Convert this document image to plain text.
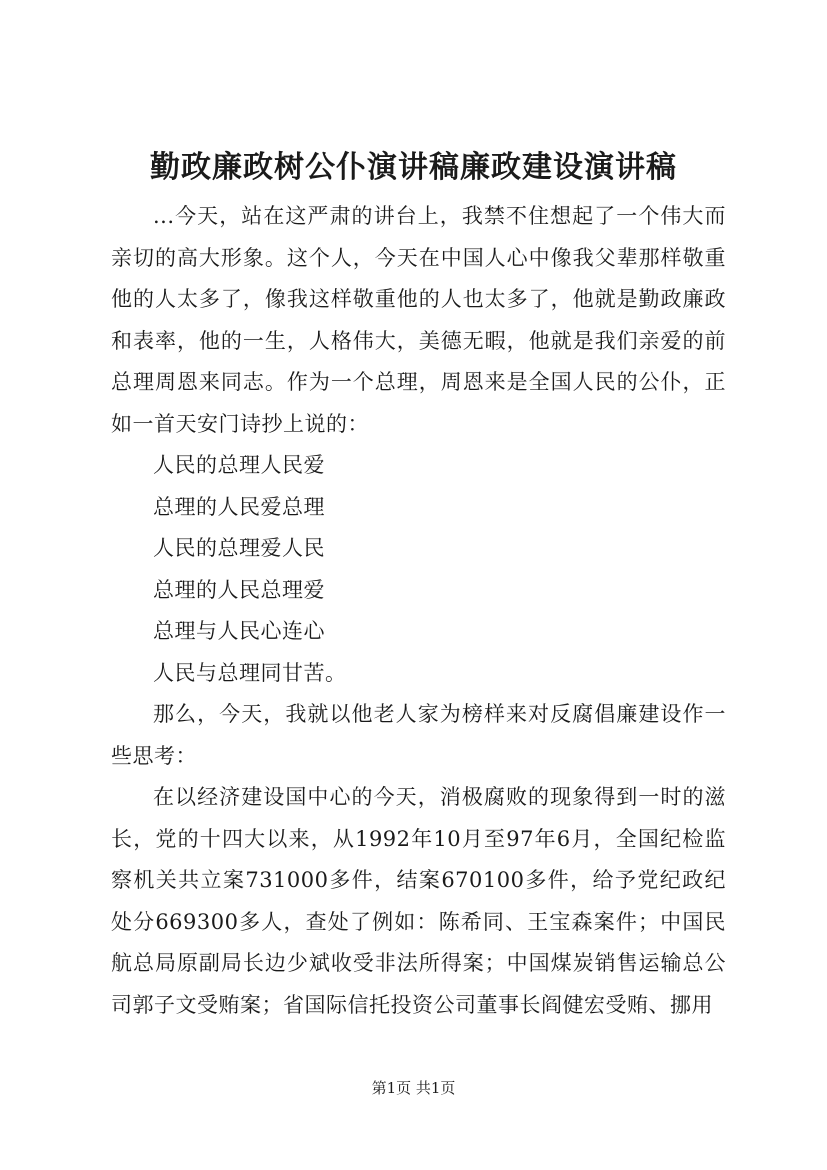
勤政廉政树公仆演讲稿廉政建设演讲稿

...今天，站在这严肃的讲台上，我禁不住想起了一个伟大而亲切的高大形象。这个人，今天在中国人心中像我父辈那样敬重他的人太多了，像我这样敬重他的人也太多了，他就是勤政廉政和表率，他的一生，人格伟大，美德无暇，他就是我们亲爱的前总理周恩来同志。作为一个总理，周恩来是全国人民的公仆，正如一首天安门诗抄上说的：

人民的总理人民爱

总理的人民爱总理

人民的总理爱人民

总理的人民总理爱

总理与人民心连心

人民与总理同甘苦。

那么，今天，我就以他老人家为榜样来对反腐倡廉建设作一些思考：

在以经济建设国中心的今天，消极腐败的现象得到一时的滋长，党的十四大以来，从1992年10月至97年6月，全国纪检监察机关共立案731000多件，结案670100多件，给予党纪政纪处分669300多人，查处了例如：陈希同、王宝森案件；中国民航总局原副局长边少斌收受非法所得案；中国煤炭销售运输总公司郭子文受贿案；省国际信托投资公司董事长阎健宏受贿、挪用

第1页 共1页
